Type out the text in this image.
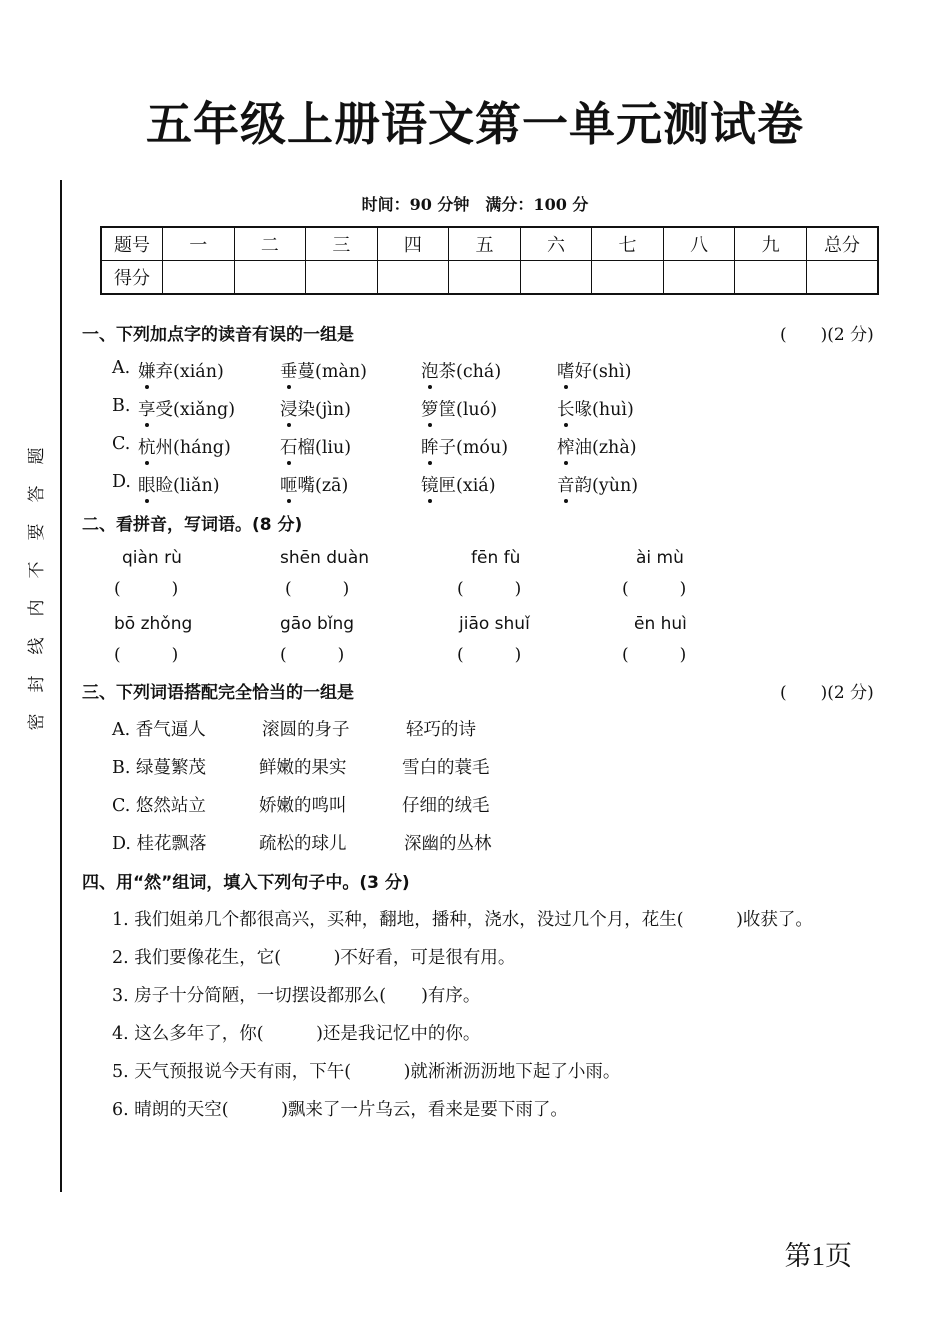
五年级上册语文第一单元测试卷
题
答
要
不
内
线
封
密
时间：90 分钟　满分：100 分
题号	一	二	三	四	五	六	七	八	九	总分
得分										
一、下列加点字的读音有误的一组是	(　　)(2 分)
A. 嫌弃(xián)	垂蔓(màn)	泡茶(chá)	嗜好(shì)
B. 享受(xiǎng)	浸染(jìn)	箩筐(luó)	长喙(huì)
C. 杭州(háng)	石榴(liu)	眸子(móu)	榨油(zhà)
D. 眼睑(liǎn)	咂嘴(zā)	镜匣(xiá)	音韵(yùn)
二、看拼音，写词语。(8 分)
qiàn rù	shēn duàn	fēn fù	ài mù
(　　　)	(　　　)	(　　　)	(　　　)
bō zhǒng	gāo bǐng	jiāo shuǐ	ēn huì
(　　　)	(　　　)	(　　　)	(　　　)
三、下列词语搭配完全恰当的一组是	(　　)(2 分)
A. 香气逼人	滚圆的身子	轻巧的诗
B. 绿蔓繁茂	鲜嫩的果实	雪白的蓑毛
C. 悠然站立	娇嫩的鸣叫	仔细的绒毛
D. 桂花飘落	疏松的球儿	深幽的丛林
四、用“然”组词，填入下列句子中。(3 分)
1. 我们姐弟几个都很高兴，买种，翻地，播种，浇水，没过几个月，花生(　　　)收获了。
2. 我们要像花生，它(　　　)不好看，可是很有用。
3. 房子十分简陋，一切摆设都那么(　　)有序。
4. 这么多年了，你(　　　)还是我记忆中的你。
5. 天气预报说今天有雨，下午(　　　)就淅淅沥沥地下起了小雨。
6. 晴朗的天空(　　　)飘来了一片乌云，看来是要下雨了。
第1页
